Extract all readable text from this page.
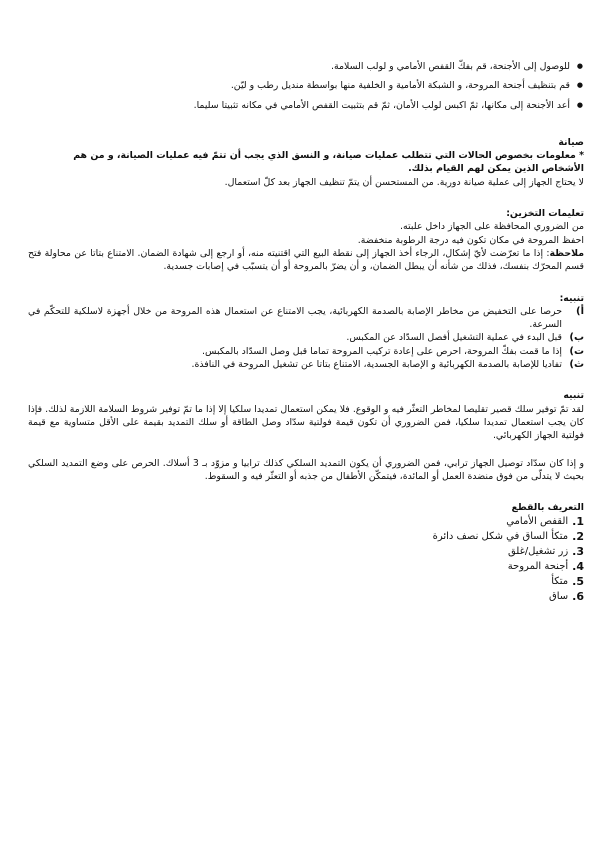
● للوصول إلى الأجنحة، قم بفكّ القفص الأمامي و لولب السلامة.
● قم بتنظيف أجنحة المروحة، و الشبكة الأمامية و الخلفية منها بواسطة منديل رطب و ليّن.
● أعد الأجنحة إلى مكانها، ثمّ اكبس لولب الأمان، ثمّ قم بتثبيت القفص الأمامي في مكانه تثبيتا سليما.

صيانة

* معلومات بخصوص الحالات التي تتطلب عمليات صيانة، و النسق الذي يجب أن تتمّ فيه عمليات الصيانة، و من هم الأشخاص الذين يمكن لهم القيام بذلك.

لا يحتاج الجهاز إلى عملية صيانة دورية. من المستحسن أن يتمّ تنظيف الجهاز بعد كلّ استعمال.

تعليمات التخزين:

من الضروري المحافظة على الجهاز داخل علبته.

احفظ المروحة في مكان تكون فيه درجة الرطوبة منخفضة.

ملاحظة: إذا ما تعرّضت لأيّ إشكال، الرجاء أخذ الجهاز إلى نقطة البيع التي اقتنيته منه، أو ارجع إلى شهادة الضمان. الامتناع بتاتا عن محاولة فتح قسم المحرّك بنفسك، فذلك من شأنه أن يبطل الضمان، و أن يضرّ بالمروحة أو أن يتسبّب في إصابات جسدية.

تنبيه:

أ)
حرصا على التخفيض من مخاطر الإصابة بالصدمة الكهربائية، يجب الامتناع عن استعمال هذه المروحة من خلال أجهزة لاسلكية للتحكّم في السرعة.
ب)
قبل البدء في عملية التشغيل أفصل السدّاد عن المكبس.
ت)
إذا ما قمت بفكّ المروحة، احرص على إعادة تركيب المروحة تماما قبل وصل السدّاد بالمكبس.
ث)
تفاديا للإصابة بالصدمة الكهربائية و الإصابة الجسدية، الامتناع بتاتا عن تشغيل المروحة في النافذة.

تنبيه

لقد تمّ توفير سلك قصير تقليصا لمخاطر التعثّر فيه و الوقوع. فلا يمكن استعمال تمديدا سلكيا إلا إذا ما تمّ توفير شروط السلامة اللازمة لذلك. فإذا كان يجب استعمال تمديدا سلكيا، فمن الضروري أن تكون قيمة فولتية سدّاد وصل الطاقة أو سلك التمديد بقيمة على الأقل متساوية مع قيمة فولتية الجهاز الكهربائي.

و إذا كان سدّاد توصيل الجهاز ترابي، فمن الضروري أن يكون التمديد السلكي كذلك ترابيا و مزوّد بـ 3 أسلاك. الحرص على وضع التمديد السلكي بحيث لا يتدلّى من فوق منضدة العمل أو المائدة، فيتمكّن الأطفال من جذبه أو التعثّر فيه و السقوط.

التعريف بالقطع

1.
القفص الأمامي
2.
متكأ الساق في شكل نصف دائرة
3.
زر تشغيل/غلق
4.
أجنحة المروحة
5.
متكأ
6.
ساق
